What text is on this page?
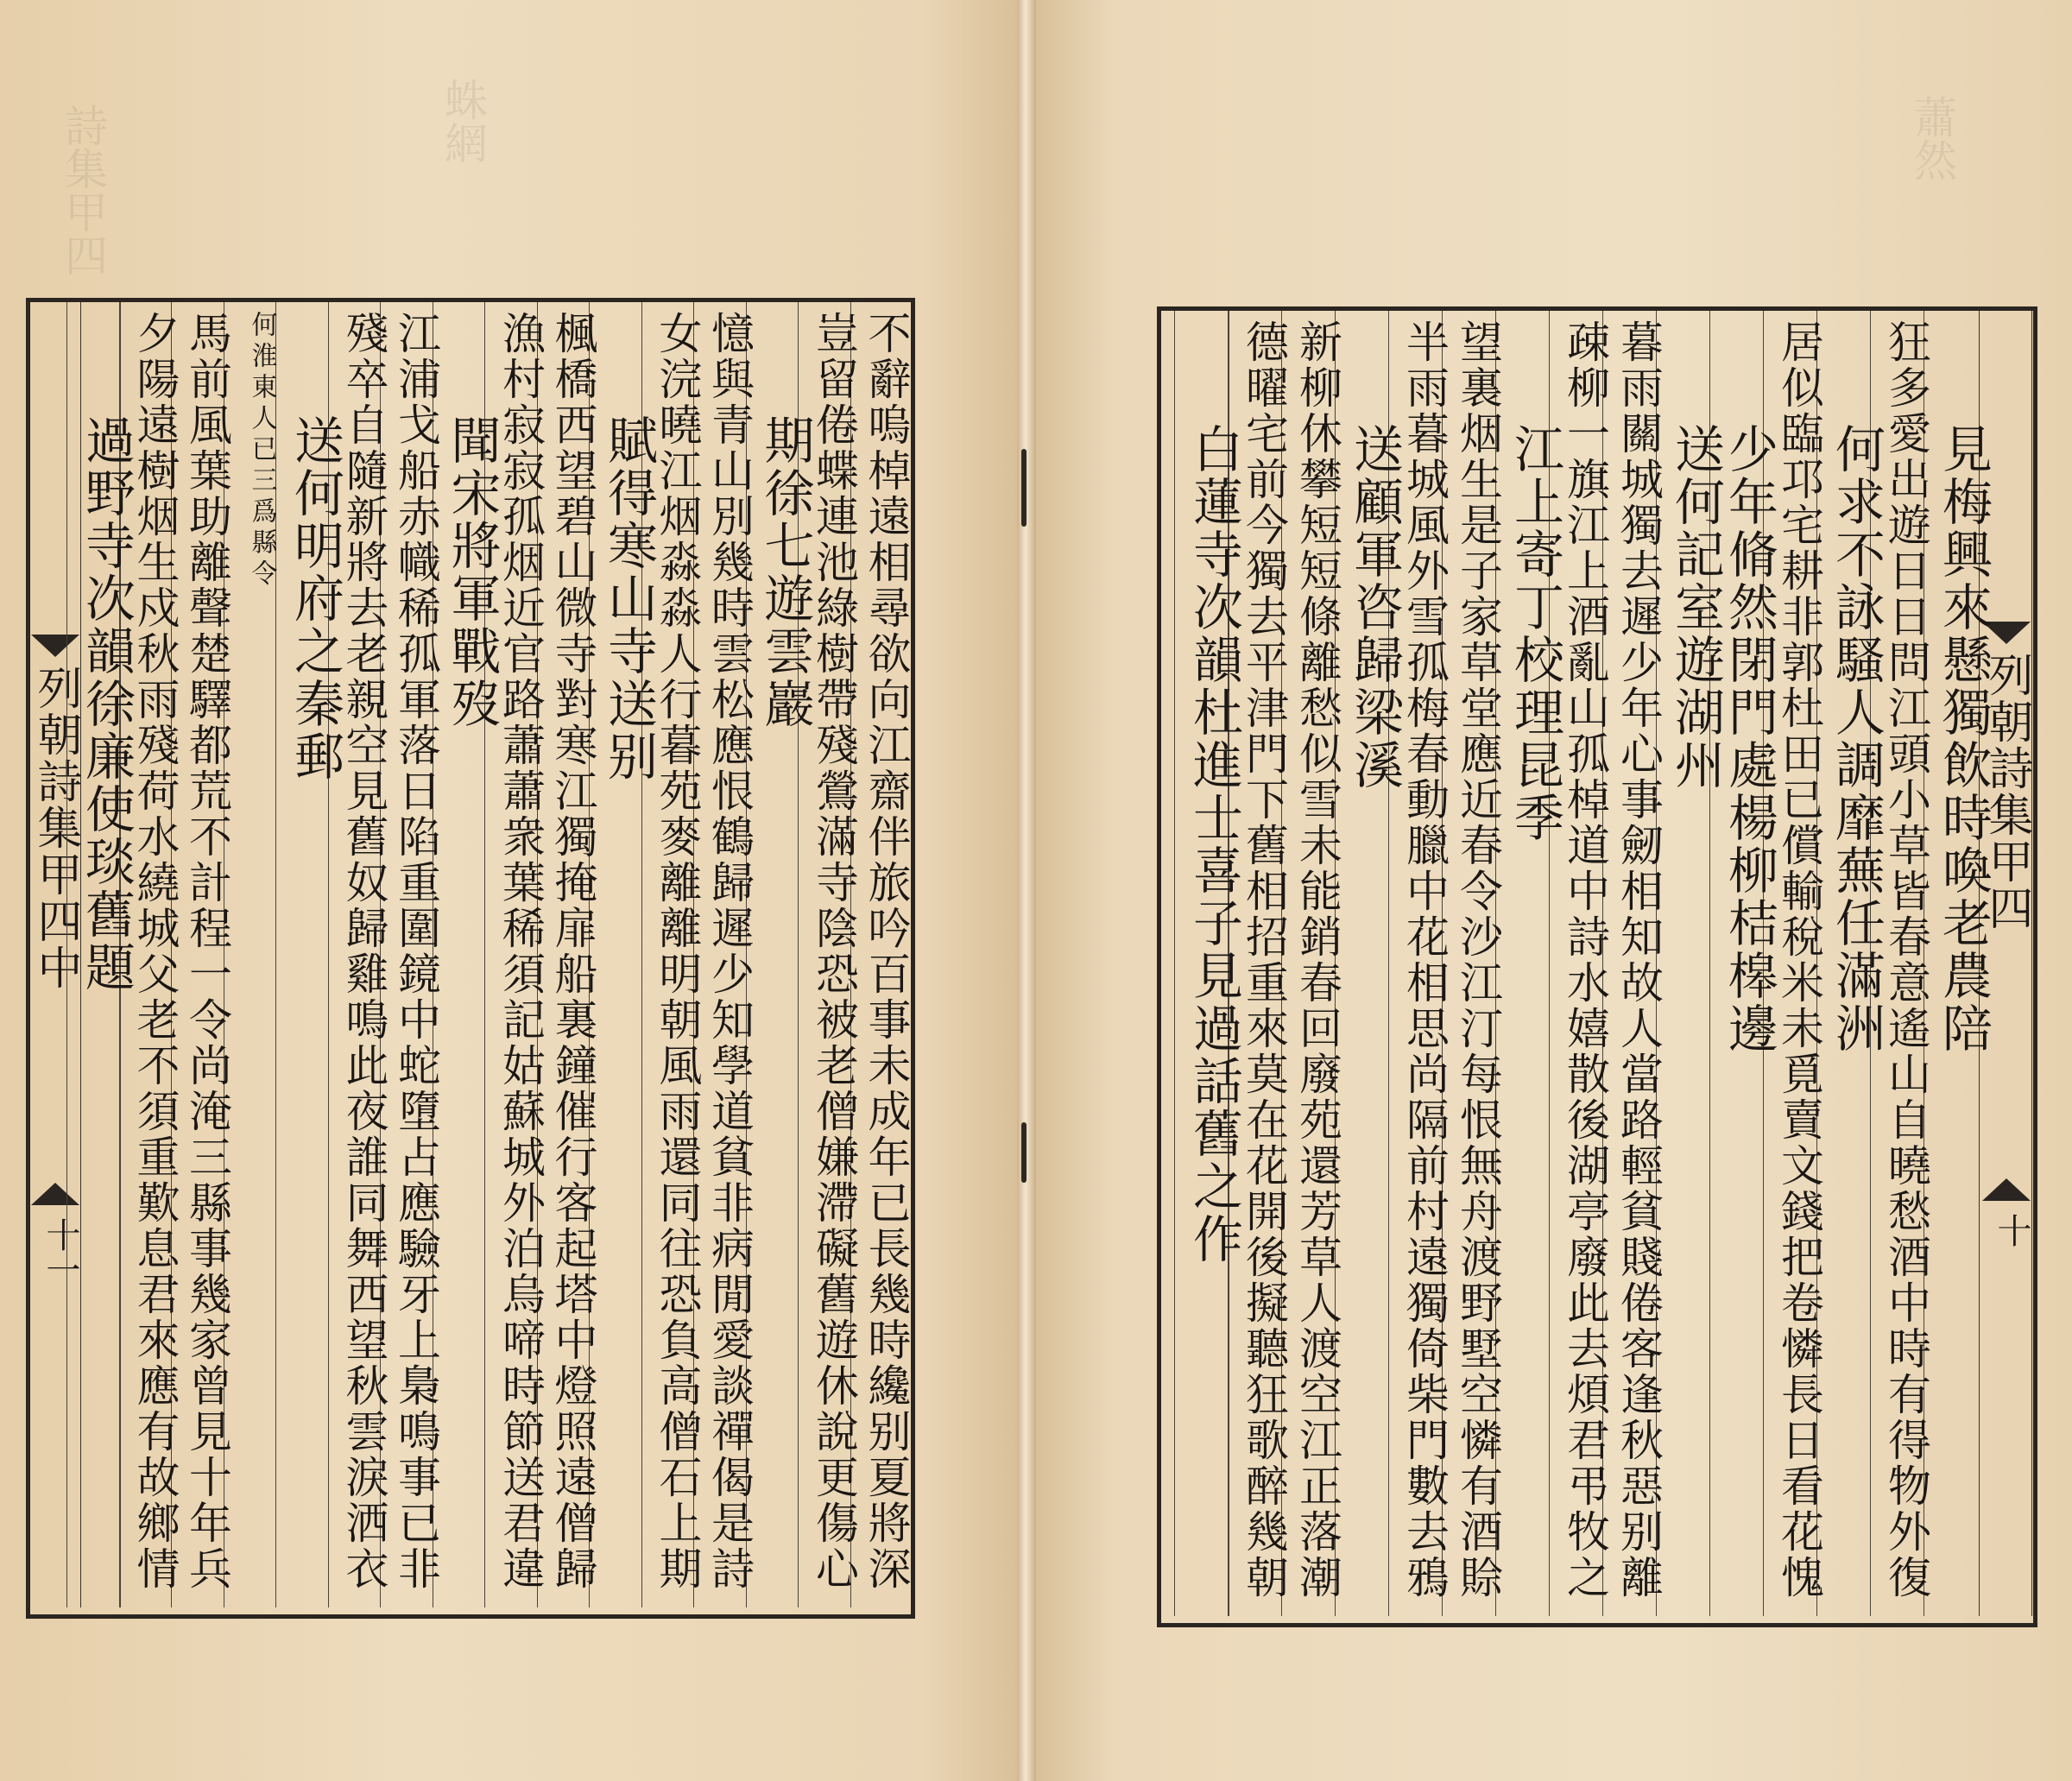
詩集甲四	蛛網	蕭然
列朝詩集甲四中
十一	不辭嗚棹遠相尋欲向江齋伴旅吟百事未成年已長幾時纔别夏將深
豈留倦蝶連池綠樹帶殘鶯滿寺陰恐被老僧嫌滯礙舊遊休說更傷心
期徐七遊雲巖
憶與青山別幾時雲松應恨鶴歸遲少知學道貧非病閒愛談禪偈是詩
女浣曉江烟淼淼人行暮苑麥離離明朝風雨還同往恐負高僧石上期
賦得寒山寺送别
楓橋西望碧山微寺對寒江獨掩扉船裏鐘催行客起塔中燈照遠僧歸
漁村寂寂孤烟近官路蕭蕭衆葉稀須記姑蘇城外泊烏啼時節送君違
聞宋將軍戰歿
江浦戈船赤幟稀孤軍落日陷重圍鏡中蛇墮占應驗牙上梟鳴事已非
殘卒自隨新將去老親空見舊奴歸雞鳴此夜誰同舞西望秋雲淚洒衣
送何明府之秦郵
何淮東人已三爲縣令
馬前風葉助離聲楚驛都荒不計程一令尚淹三縣事幾家曾見十年兵
夕陽遠樹烟生戍秋雨殘荷水繞城父老不須重歎息君來應有故鄉情
過野寺次韻徐廉使琰舊題	列朝詩集甲四
十
見梅興來懸獨飲時喚老農陪
狂多愛出遊日日問江頭小草皆春意遙山自曉愁酒中時有得物外復
何求不詠騷人調靡蕪任滿洲
居似臨邛宅耕非郭杜田已償輸稅米未覓賣文錢把卷憐長日看花愧
少年脩然閉門處楊柳桔槔邊
送何記室遊湖州
暮雨關城獨去遲少年心事劒相知故人當路輕貧賤倦客逢秋惡别離
疎柳一旗江上酒亂山孤棹道中詩水嬉散後湖亭廢此去煩君弔牧之
江上寄丁校理昆季
望裏烟生是子家草堂應近春令沙江汀每恨無舟渡野墅空憐有酒賒
半雨暮城風外雪孤梅春動臘中花相思尚隔前村遠獨倚柴門數去鴉
送顧軍咨歸梁溪
新柳休攀短短條離愁似雪未能銷春回廢苑還芳草人渡空江正落潮
德曜宅前今獨去平津門下舊相招重來莫在花開後擬聽狂歌醉幾朝
白蓮寺次韻杜進士喜子見過話舊之作
